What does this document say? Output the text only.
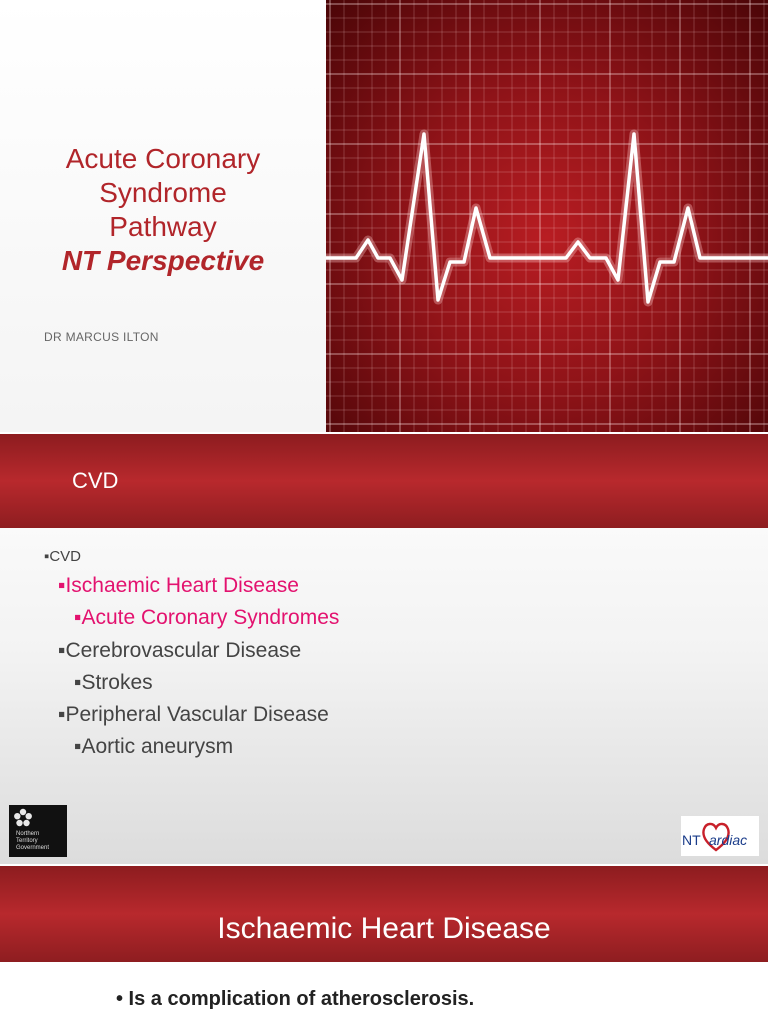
Acute Coronary
Syndrome
Pathway
NT Perspective
DR MARCUS ILTON
CVD
▪CVD
▪Ischaemic Heart Disease
▪Acute Coronary Syndromes
▪Cerebrovascular Disease
▪Strokes
▪Peripheral Vascular Disease
▪Aortic aneurysm
Northern
Territory
Government	NT ardiac
Ischaemic Heart Disease
• Is a complication of atherosclerosis.
